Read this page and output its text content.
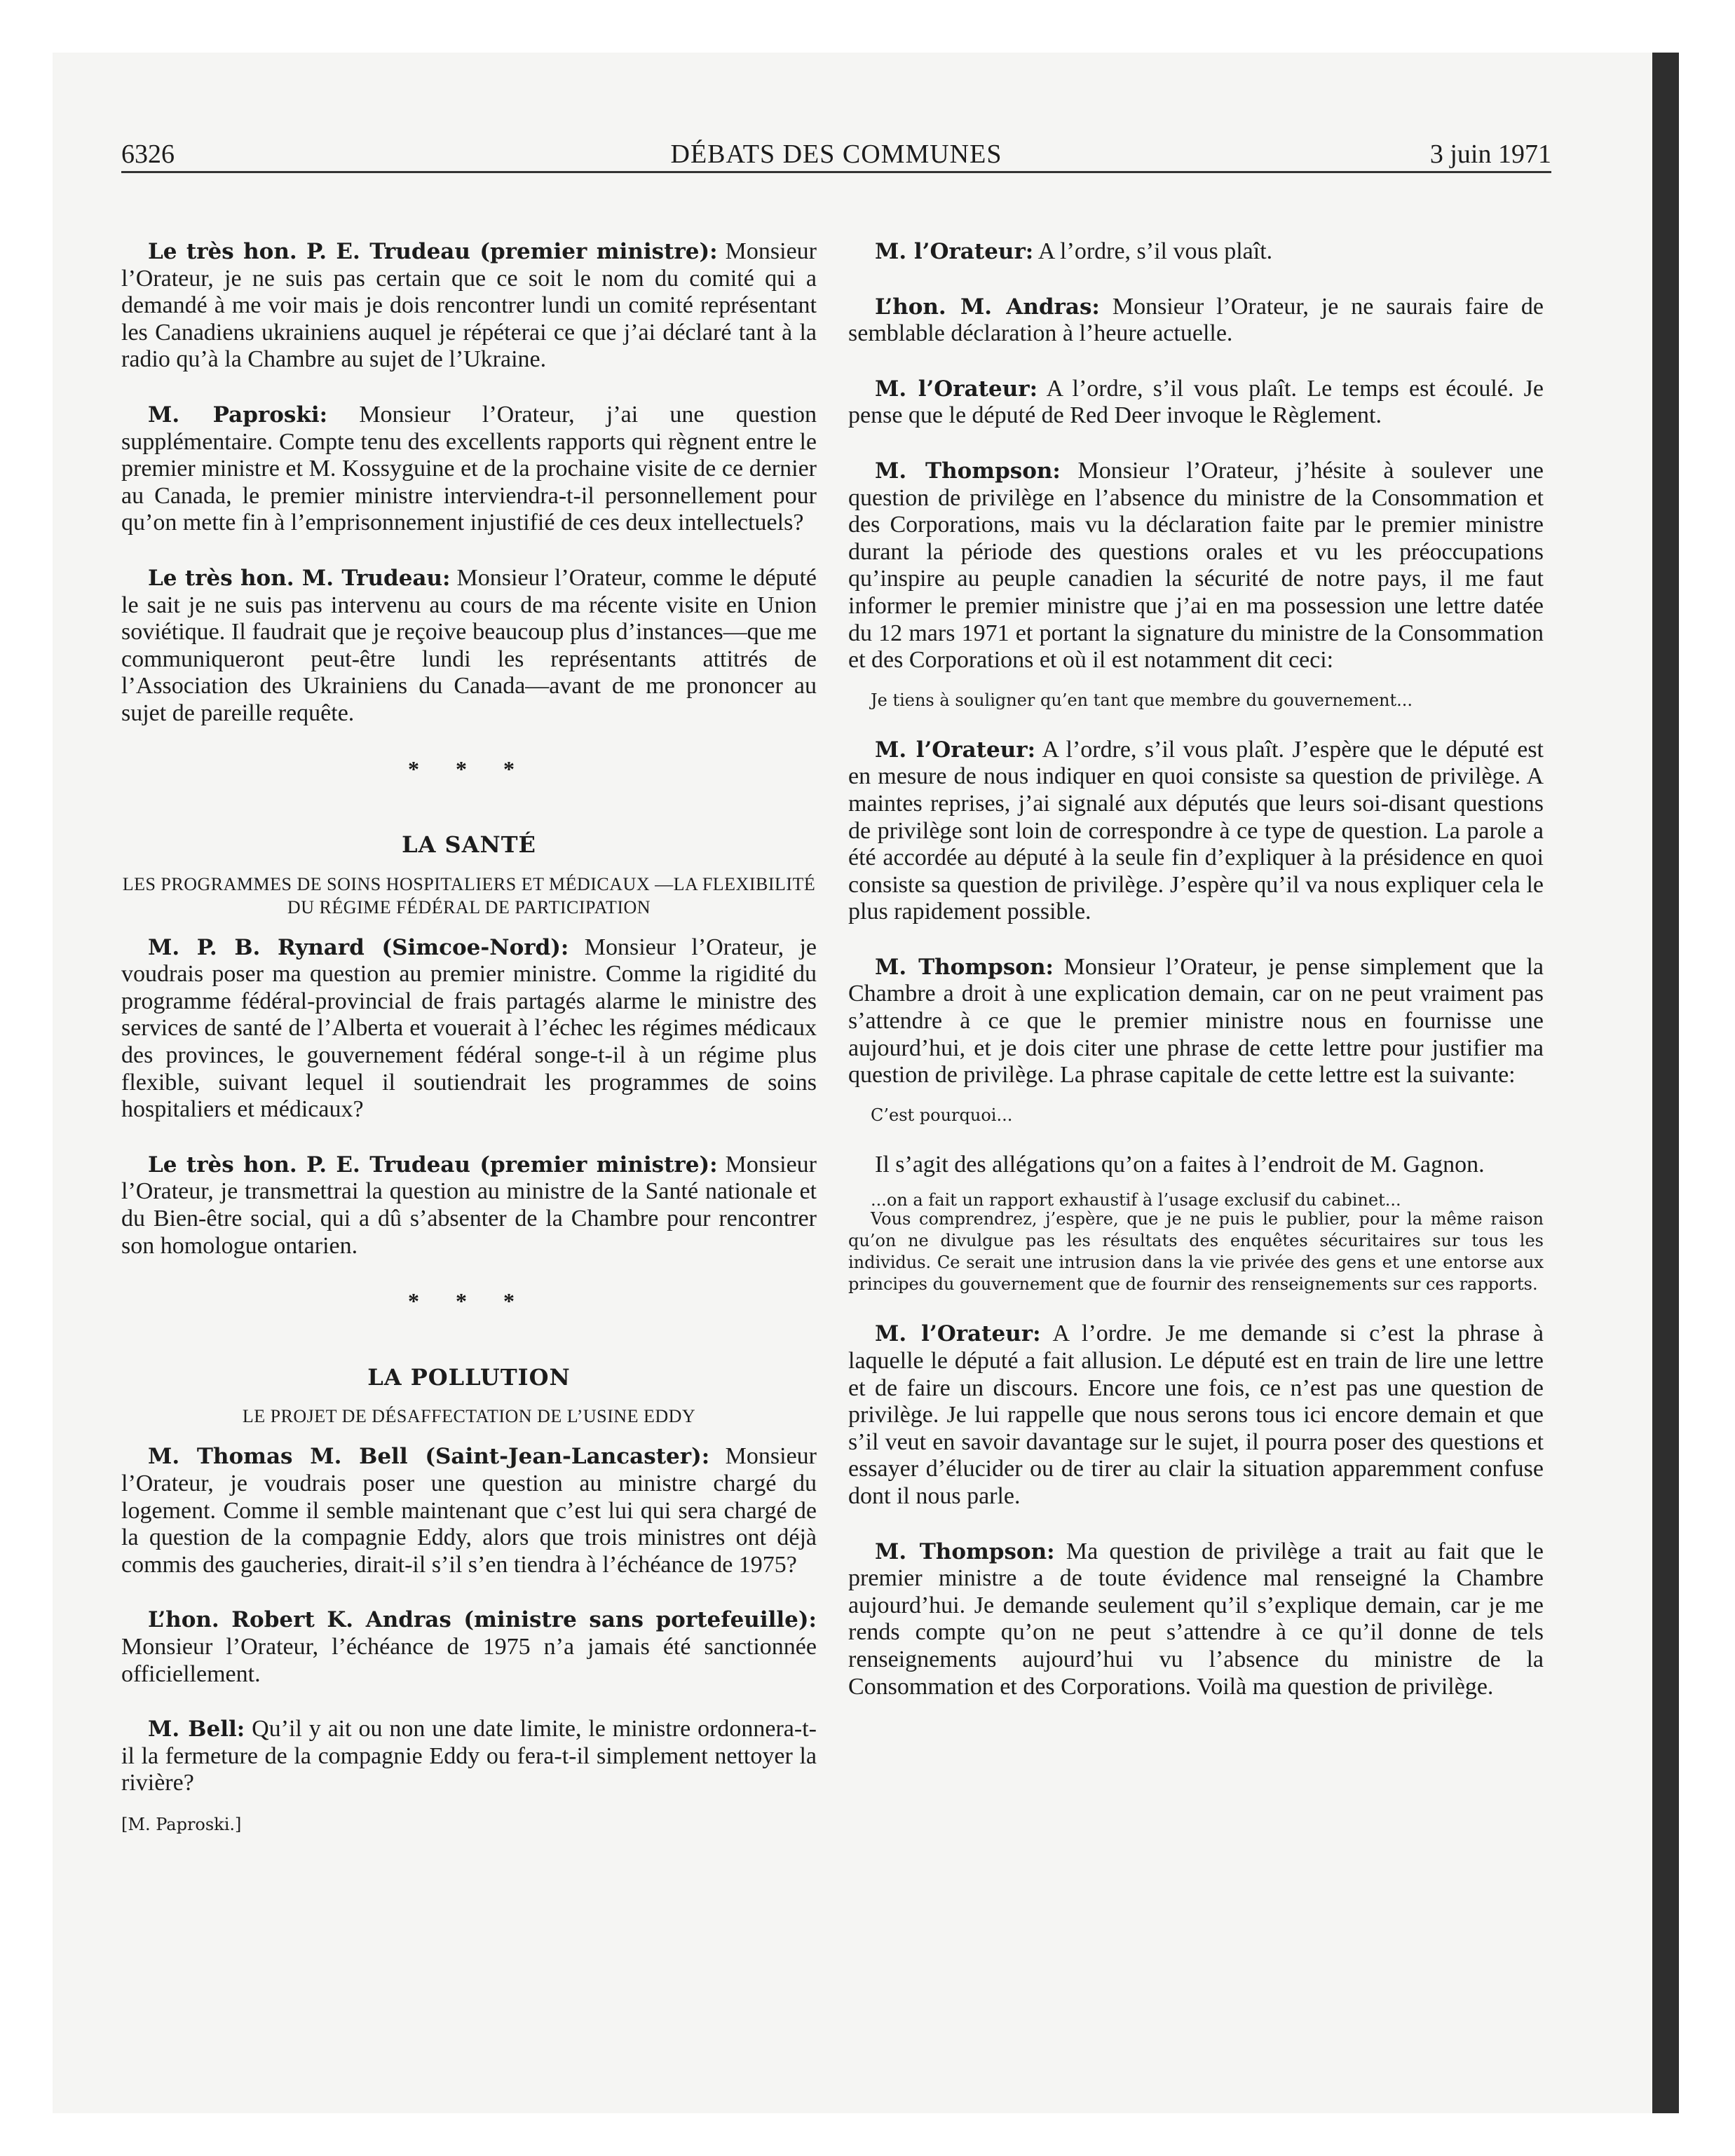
6326	DÉBATS DES COMMUNES	3 juin 1971

Le très hon. P. E. Trudeau (premier ministre): Monsieur l’Orateur, je ne suis pas certain que ce soit le nom du comité qui a demandé à me voir mais je dois rencontrer lundi un comité représentant les Canadiens ukrainiens auquel je répéterai ce que j’ai déclaré tant à la radio qu’à la Chambre au sujet de l’Ukraine.

M. Paproski: Monsieur l’Orateur, j’ai une question supplémentaire. Compte tenu des excellents rapports qui règnent entre le premier ministre et M. Kossyguine et de la prochaine visite de ce dernier au Canada, le premier ministre interviendra-t-il personnellement pour qu’on mette fin à l’emprisonnement injustifié de ces deux intellectuels?

Le très hon. M. Trudeau: Monsieur l’Orateur, comme le député le sait je ne suis pas intervenu au cours de ma récente visite en Union soviétique. Il faudrait que je reçoive beaucoup plus d’instances—que me communiqueront peut-être lundi les représentants attitrés de l’Association des Ukrainiens du Canada—avant de me prononcer au sujet de pareille requête.

* * *
LA SANTÉ
LES PROGRAMMES DE SOINS HOSPITALIERS ET MÉDICAUX —LA FLEXIBILITÉ DU RÉGIME FÉDÉRAL DE PARTICIPATION

M. P. B. Rynard (Simcoe-Nord): Monsieur l’Orateur, je voudrais poser ma question au premier ministre. Comme la rigidité du programme fédéral-provincial de frais partagés alarme le ministre des services de santé de l’Alberta et vouerait à l’échec les régimes médicaux des provinces, le gouvernement fédéral songe-t-il à un régime plus flexible, suivant lequel il soutiendrait les programmes de soins hospitaliers et médicaux?

Le très hon. P. E. Trudeau (premier ministre): Monsieur l’Orateur, je transmettrai la question au ministre de la Santé nationale et du Bien-être social, qui a dû s’absenter de la Chambre pour rencontrer son homologue ontarien.

* * *
LA POLLUTION
LE PROJET DE DÉSAFFECTATION DE L’USINE EDDY

M. Thomas M. Bell (Saint-Jean-Lancaster): Monsieur l’Orateur, je voudrais poser une question au ministre chargé du logement. Comme il semble maintenant que c’est lui qui sera chargé de la question de la compagnie Eddy, alors que trois ministres ont déjà commis des gaucheries, dirait-il s’il s’en tiendra à l’échéance de 1975?

L’hon. Robert K. Andras (ministre sans portefeuille): Monsieur l’Orateur, l’échéance de 1975 n’a jamais été sanctionnée officiellement.

M. Bell: Qu’il y ait ou non une date limite, le ministre ordonnera-t-il la fermeture de la compagnie Eddy ou fera-t-il simplement nettoyer la rivière?

[M. Paproski.]

M. l’Orateur: A l’ordre, s’il vous plaît.

L’hon. M. Andras: Monsieur l’Orateur, je ne saurais faire de semblable déclaration à l’heure actuelle.

M. l’Orateur: A l’ordre, s’il vous plaît. Le temps est écoulé. Je pense que le député de Red Deer invoque le Règlement.

M. Thompson: Monsieur l’Orateur, j’hésite à soulever une question de privilège en l’absence du ministre de la Consommation et des Corporations, mais vu la déclaration faite par le premier ministre durant la période des questions orales et vu les préoccupations qu’inspire au peuple canadien la sécurité de notre pays, il me faut informer le premier ministre que j’ai en ma possession une lettre datée du 12 mars 1971 et portant la signature du ministre de la Consommation et des Corporations et où il est notamment dit ceci:

Je tiens à souligner qu’en tant que membre du gouvernement...

M. l’Orateur: A l’ordre, s’il vous plaît. J’espère que le député est en mesure de nous indiquer en quoi consiste sa question de privilège. A maintes reprises, j’ai signalé aux députés que leurs soi-disant questions de privilège sont loin de correspondre à ce type de question. La parole a été accordée au député à la seule fin d’expliquer à la présidence en quoi consiste sa question de privilège. J’espère qu’il va nous expliquer cela le plus rapidement possible.

M. Thompson: Monsieur l’Orateur, je pense simplement que la Chambre a droit à une explication demain, car on ne peut vraiment pas s’attendre à ce que le premier ministre nous en fournisse une aujourd’hui, et je dois citer une phrase de cette lettre pour justifier ma question de privilège. La phrase capitale de cette lettre est la suivante:

C’est pourquoi...

Il s’agit des allégations qu’on a faites à l’endroit de M. Gagnon.

...on a fait un rapport exhaustif à l’usage exclusif du cabinet...

Vous comprendrez, j’espère, que je ne puis le publier, pour la même raison qu’on ne divulgue pas les résultats des enquêtes sécuritaires sur tous les individus. Ce serait une intrusion dans la vie privée des gens et une entorse aux principes du gouvernement que de fournir des renseignements sur ces rapports.

M. l’Orateur: A l’ordre. Je me demande si c’est la phrase à laquelle le député a fait allusion. Le député est en train de lire une lettre et de faire un discours. Encore une fois, ce n’est pas une question de privilège. Je lui rappelle que nous serons tous ici encore demain et que s’il veut en savoir davantage sur le sujet, il pourra poser des questions et essayer d’élucider ou de tirer au clair la situation apparemment confuse dont il nous parle.

M. Thompson: Ma question de privilège a trait au fait que le premier ministre a de toute évidence mal renseigné la Chambre aujourd’hui. Je demande seulement qu’il s’explique demain, car je me rends compte qu’on ne peut s’attendre à ce qu’il donne de tels renseignements aujourd’hui vu l’absence du ministre de la Consommation et des Corporations. Voilà ma question de privilège.
